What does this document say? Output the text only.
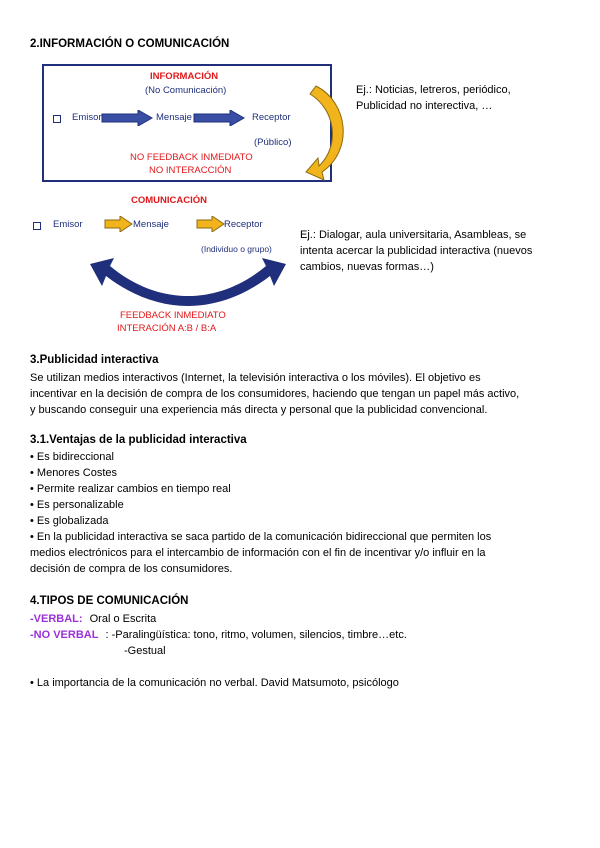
2.INFORMACIÓN O COMUNICACIÓN
INFORMACIÓN
(No Comunicación)
Emisor	Mensaje	Receptor
(Público)
NO FEEDBACK INMEDIATO
NO INTERACCIÓN
Ej.: Noticias, letreros, periódico,
Publicidad no interectiva, …
COMUNICACIÓN
Emisor	Mensaje	Receptor
(Individuo o grupo)
FEEDBACK INMEDIATO
INTERACIÓN A:B / B:A
Ej.: Dialogar, aula universitaria, Asambleas, se
intenta acercar la publicidad interactiva (nuevos
cambios, nuevas formas…)
3.Publicidad interactiva
Se utilizan medios interactivos (Internet, la televisión interactiva o los móviles). El objetivo es
incentivar en la decisión de compra de los consumidores, haciendo que tengan un papel más activo,
y buscando conseguir una experiencia más directa y personal que la publicidad convencional.
3.1.Ventajas de la publicidad interactiva
• Es bidireccional
• Menores Costes
• Permite realizar cambios en tiempo real
• Es personalizable
• Es globalizada
• En la publicidad interactiva se saca partido de la comunicación bidireccional que permiten los
medios electrónicos para el intercambio de información con el fin de incentivar y/o influir en la
decisión de compra de los consumidores.
4.TIPOS DE COMUNICACIÓN
-VERBAL: Oral o Escrita
-NO VERBAL : -Paralingüística: tono, ritmo, volumen, silencios, timbre…etc.
-Gestual
• La importancia de la comunicación no verbal. David Matsumoto, psicólogo
